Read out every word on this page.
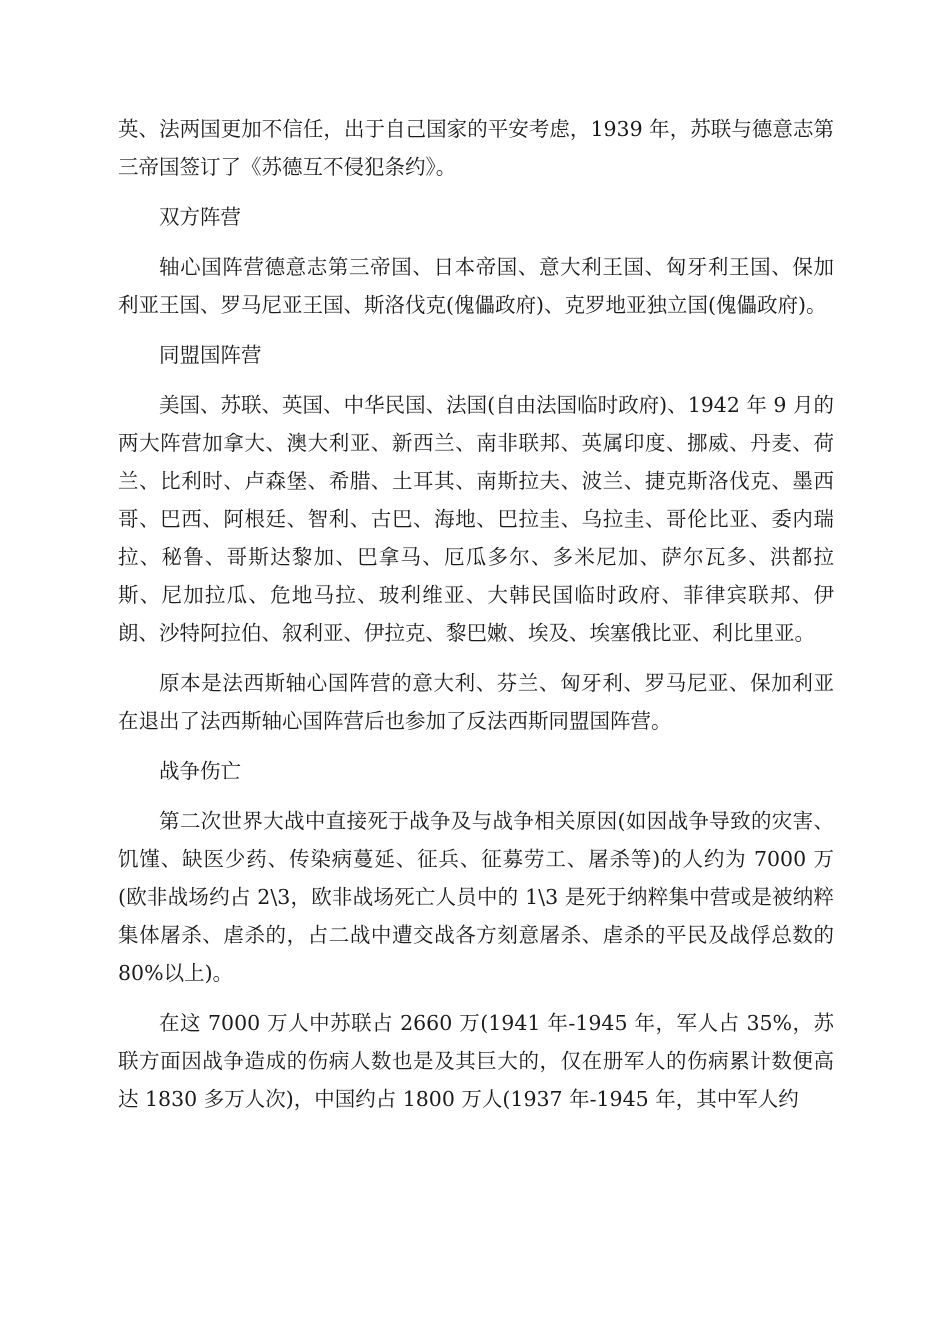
英、法两国更加不信任，出于自己国家的平安考虑，1939 年，苏联与德意志第三帝国签订了《苏德互不侵犯条约》。

双方阵营

轴心国阵营德意志第三帝国、日本帝国、意大利王国、匈牙利王国、保加利亚王国、罗马尼亚王国、斯洛伐克(傀儡政府)、克罗地亚独立国(傀儡政府)。

同盟国阵营

美国、苏联、英国、中华民国、法国(自由法国临时政府)、1942 年 9 月的两大阵营加拿大、澳大利亚、新西兰、南非联邦、英属印度、挪威、丹麦、荷兰、比利时、卢森堡、希腊、土耳其、南斯拉夫、波兰、捷克斯洛伐克、墨西哥、巴西、阿根廷、智利、古巴、海地、巴拉圭、乌拉圭、哥伦比亚、委内瑞拉、秘鲁、哥斯达黎加、巴拿马、厄瓜多尔、多米尼加、萨尔瓦多、洪都拉斯、尼加拉瓜、危地马拉、玻利维亚、大韩民国临时政府、菲律宾联邦、伊朗、沙特阿拉伯、叙利亚、伊拉克、黎巴嫩、埃及、埃塞俄比亚、利比里亚。

原本是法西斯轴心国阵营的意大利、芬兰、匈牙利、罗马尼亚、保加利亚在退出了法西斯轴心国阵营后也参加了反法西斯同盟国阵营。

战争伤亡

第二次世界大战中直接死于战争及与战争相关原因(如因战争导致的灾害、饥馑、缺医少药、传染病蔓延、征兵、征募劳工、屠杀等)的人约为 7000 万(欧非战场约占 2\3，欧非战场死亡人员中的 1\3 是死于纳粹集中营或是被纳粹集体屠杀、虐杀的，占二战中遭交战各方刻意屠杀、虐杀的平民及战俘总数的 80%以上)。

在这 7000 万人中苏联占 2660 万(1941 年-1945 年，军人占 35%，苏联方面因战争造成的伤病人数也是及其巨大的，仅在册军人的伤病累计数便高达 1830 多万人次)，中国约占 1800 万人(1937 年-1945 年，其中军人约
